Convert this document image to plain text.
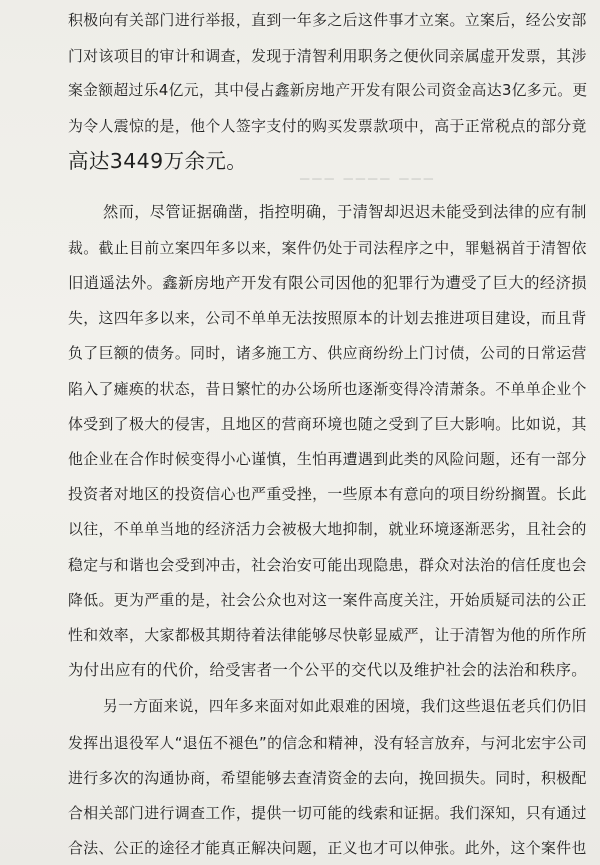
▁▁▁ ▁▁▁▁ ▁▁▁
积极向有关部门进行举报，直到一年多之后这件事才立案。立案后，经公安部
门对该项目的审计和调查，发现于清智利用职务之便伙同亲属虚开发票，其涉
案金额超过乐4亿元，其中侵占鑫新房地产开发有限公司资金高达3亿多元。更
为令人震惊的是，他个人签字支付的购买发票款项中，高于正常税点的部分竟
高达3449万余元。
然而，尽管证据确凿，指控明确，于清智却迟迟未能受到法律的应有制
裁。截止目前立案四年多以来，案件仍处于司法程序之中，罪魁祸首于清智依
旧逍遥法外。鑫新房地产开发有限公司因他的犯罪行为遭受了巨大的经济损
失，这四年多以来，公司不单单无法按照原本的计划去推进项目建设，而且背
负了巨额的债务。同时，诸多施工方、供应商纷纷上门讨债，公司的日常运营
陷入了瘫痪的状态，昔日繁忙的办公场所也逐渐变得冷清萧条。不单单企业个
体受到了极大的侵害，且地区的营商环境也随之受到了巨大影响。比如说，其
他企业在合作时候变得小心谨慎，生怕再遭遇到此类的风险问题，还有一部分
投资者对地区的投资信心也严重受挫，一些原本有意向的项目纷纷搁置。长此
以往，不单单当地的经济活力会被极大地抑制，就业环境逐渐恶劣，且社会的
稳定与和谐也会受到冲击，社会治安可能出现隐患，群众对法治的信任度也会
降低。更为严重的是，社会公众也对这一案件高度关注，开始质疑司法的公正
性和效率，大家都极其期待着法律能够尽快彰显威严，让于清智为他的所作所
为付出应有的代价，给受害者一个公平的交代以及维护社会的法治和秩序。
另一方面来说，四年多来面对如此艰难的困境，我们这些退伍老兵们仍旧
发挥出退役军人“退伍不褪色”的信念和精神，没有轻言放弃，与河北宏宇公司
进行多次的沟通协商，希望能够去查清资金的去向，挽回损失。同时，积极配
合相关部门进行调查工作，提供一切可能的线索和证据。我们深知，只有通过
合法、公正的途径才能真正解决问题，正义也才可以伸张。此外，这个案件也
